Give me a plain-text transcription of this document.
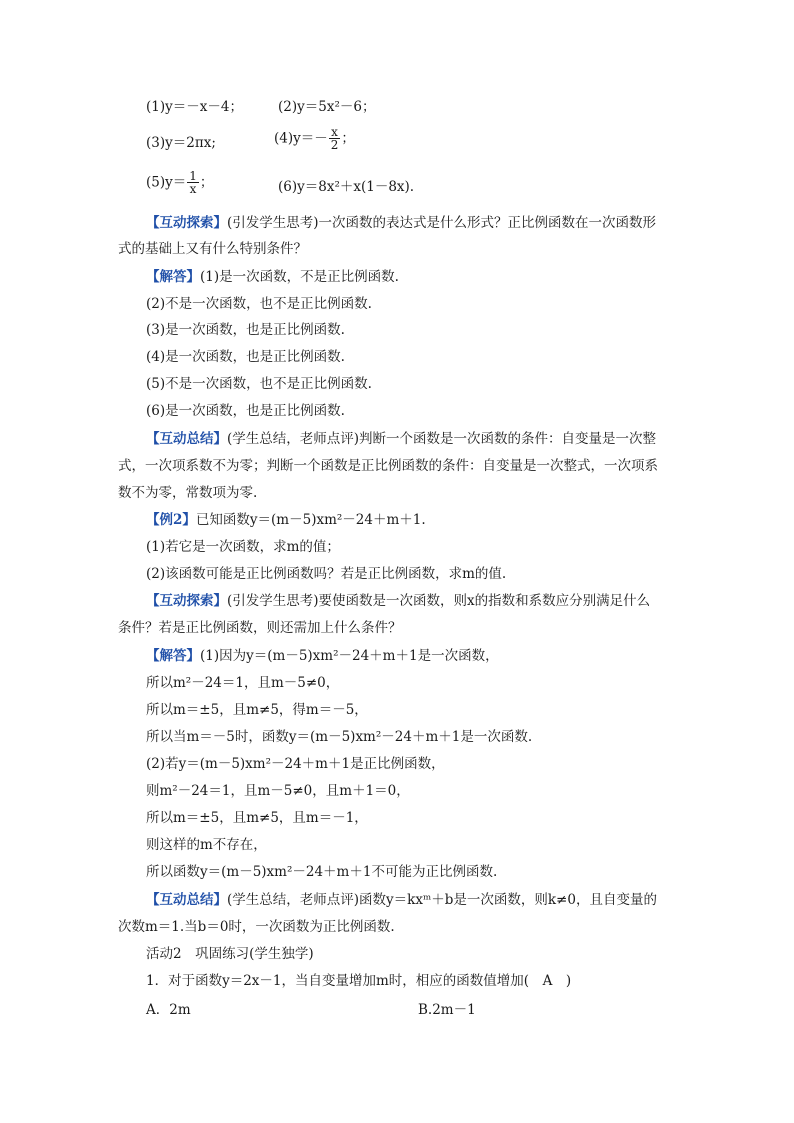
(1)y＝－x－4；	(2)y＝5x²－6；
(3)y＝2πx;	$(4)y=- \frac{x}{2}$ ；
$(5)y= \frac{1}{x}$ ；	(6)y＝8x²＋x(1－8x).
【互动探索】(引发学生思考)一次函数的表达式是什么形式？正比例函数在一次函数形
式的基础上又有什么特别条件？
【解答】(1)是一次函数，不是正比例函数.
(2)不是一次函数，也不是正比例函数.
(3)是一次函数，也是正比例函数.
(4)是一次函数，也是正比例函数.
(5)不是一次函数，也不是正比例函数.
(6)是一次函数，也是正比例函数.
【互动总结】(学生总结，老师点评)判断一个函数是一次函数的条件：自变量是一次整
式，一次项系数不为零；判断一个函数是正比例函数的条件：自变量是一次整式，一次项系
数不为零，常数项为零.
【例2】已知函数y＝(m－5)xm²－24＋m＋1.
(1)若它是一次函数，求m的值；
(2)该函数可能是正比例函数吗？若是正比例函数，求m的值.
【互动探索】(引发学生思考)要使函数是一次函数，则x的指数和系数应分别满足什么
条件？若是正比例函数，则还需加上什么条件？
【解答】(1)因为y＝(m－5)xm²－24＋m＋1是一次函数，
所以m²－24＝1，且m－5≠0，
所以m＝±5，且m≠5，得m＝－5，
所以当m＝－5时，函数y＝(m－5)xm²－24＋m＋1是一次函数.
(2)若y＝(m－5)xm²－24＋m＋1是正比例函数，
则m²－24＝1，且m－5≠0，且m＋1＝0，
所以m＝±5，且m≠5，且m＝－1，
则这样的m不存在，
所以函数y＝(m－5)xm²－24＋m＋1不可能为正比例函数.
【互动总结】(学生总结，老师点评)函数y＝kxᵐ＋b是一次函数，则k≠0，且自变量的
次数m＝1.当b＝0时，一次函数为正比例函数.
活动2　巩固练习(学生独学)
1．对于函数y＝2x－1，当自变量增加m时，相应的函数值增加(　A　)
A．2m	B.2m－1
